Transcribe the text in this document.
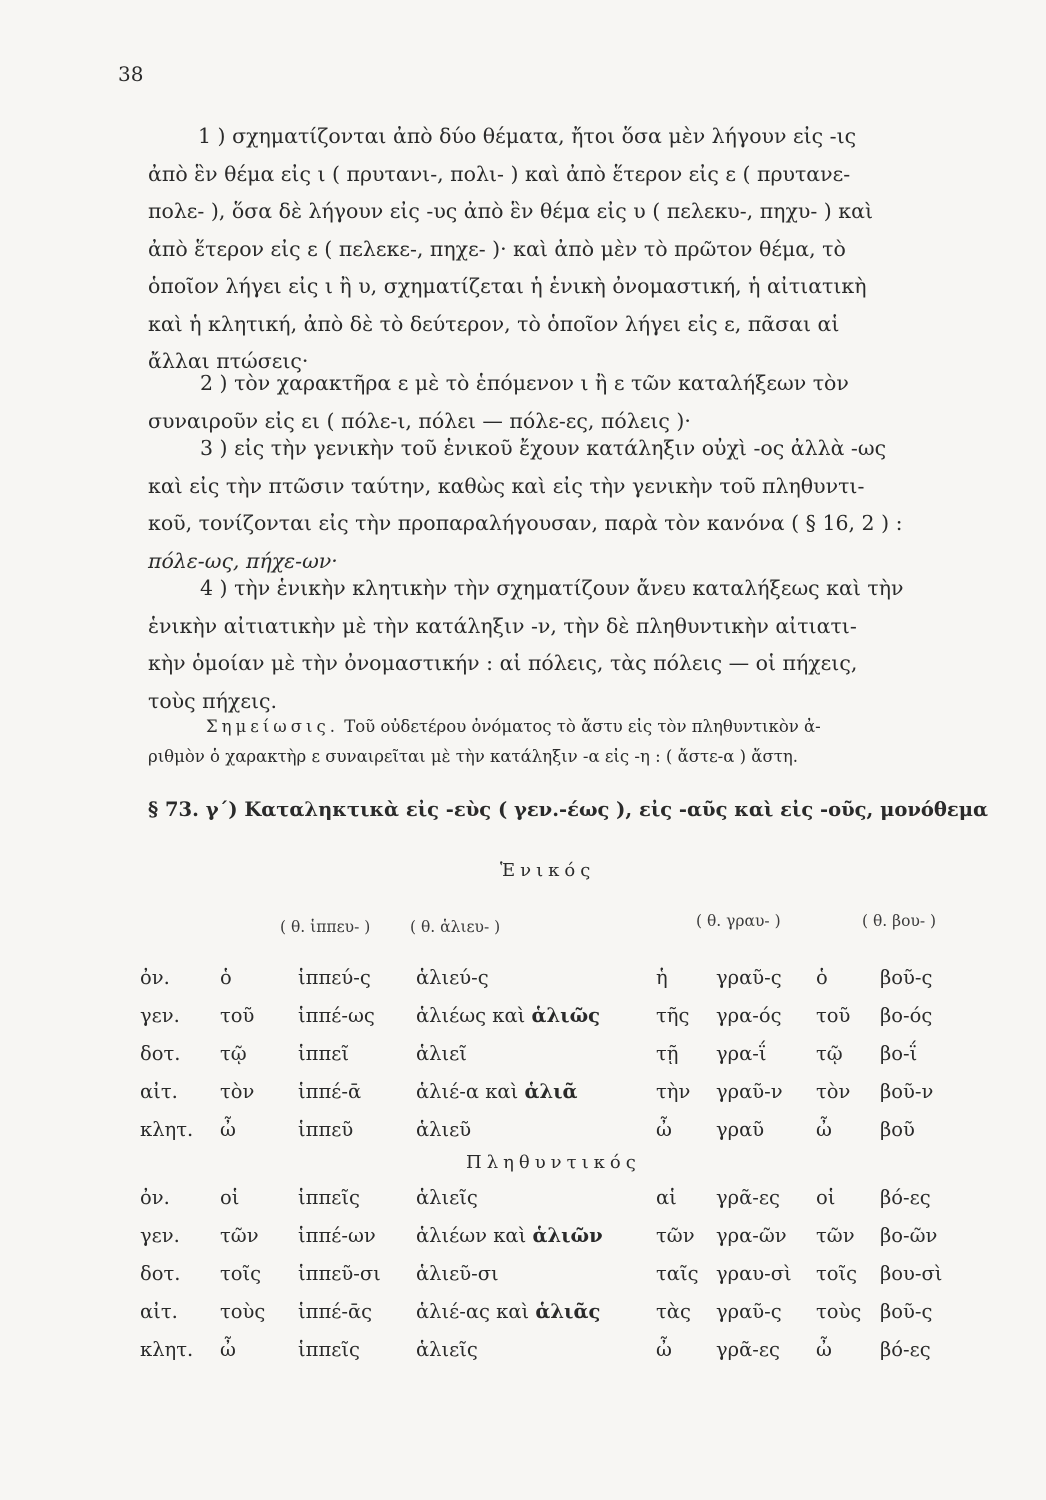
38
1 ) σχηματίζονται ἀπὸ δύο θέματα, ἤτοι ὅσα μὲν λήγουν εἰς -ις
ἀπὸ ἓν θέμα εἰς ι ( πρυτανι-, πολι- ) καὶ ἀπὸ ἕτερον εἰς ε ( πρυτανε-
πολε- ), ὅσα δὲ λήγουν εἰς -υς ἀπὸ ἓν θέμα εἰς υ ( πελεκυ-, πηχυ- ) καὶ
ἀπὸ ἕτερον εἰς ε ( πελεκε-, πηχε- )· καὶ ἀπὸ μὲν τὸ πρῶτον θέμα, τὸ
ὁποῖον λήγει εἰς ι ἢ υ, σχηματίζεται ἡ ἑνικὴ ὀνομαστική, ἡ αἰτιατικὴ
καὶ ἡ κλητική, ἀπὸ δὲ τὸ δεύτερον, τὸ ὁποῖον λήγει εἰς ε, πᾶσαι αἱ
ἄλλαι πτώσεις·
2 ) τὸν χαρακτῆρα ε μὲ τὸ ἑπόμενον ι ἢ ε τῶν καταλήξεων τὸν
συναιροῦν εἰς ει ( πόλε-ι, πόλει — πόλε-ες, πόλεις )·
3 ) εἰς τὴν γενικὴν τοῦ ἑνικοῦ ἔχουν κατάληξιν οὐχὶ -ος ἀλλὰ -ως
καὶ εἰς τὴν πτῶσιν ταύτην, καθὼς καὶ εἰς τὴν γενικὴν τοῦ πληθυντι-
κοῦ, τονίζονται εἰς τὴν προπαραλήγουσαν, παρὰ τὸν κανόνα ( § 16, 2 ) :
πόλε-ως, πήχε-ων·
4 ) τὴν ἑνικὴν κλητικὴν τὴν σχηματίζουν ἄνευ καταλήξεως καὶ τὴν
ἑνικὴν αἰτιατικὴν μὲ τὴν κατάληξιν -ν, τὴν δὲ πληθυντικὴν αἰτιατι-
κὴν ὁμοίαν μὲ τὴν ὀνομαστικήν : αἱ πόλεις, τὰς πόλεις — οἱ πήχεις,
τοὺς πήχεις.
Σημείωσις. Τοῦ οὐδετέρου ὀνόματος τὸ ἄστυ εἰς τὸν πληθυντικὸν ἀ-
ριθμὸν ὁ χαρακτὴρ ε συναιρεῖται μὲ τὴν κατάληξιν -α εἰς -η : ( ἄστε-α ) ἄστη.
§ 73. γ΄) Καταληκτικὰ εἰς -εὺς ( γεν.-έως ), εἰς -αῦς καὶ εἰς -οῦς, μονόθεμα
Ἑνικός
( θ. ἱππευ- )	( θ. ἁλιευ- )	( θ. γραυ- )	( θ. βου- )
ὀν.	ὁ	ἱππεύ-ς	ἁλιεύ-ς	ἡ	γραῦ-ς	ὁ	βοῦ-ς
γεν.	τοῦ	ἱππέ-ως	ἁλιέως καὶ ἁλιῶς	τῆς	γρα-ός	τοῦ	βο-ός
δοτ.	τῷ	ἱππεῖ	ἁλιεῖ	τῇ	γρα-ΐ	τῷ	βο-ΐ
αἰτ.	τὸν	ἱππέ-ᾱ	ἁλιέ-α καὶ ἁλιᾶ	τὴν	γραῦ-ν	τὸν	βοῦ-ν
κλητ.	ὦ	ἱππεῦ	ἁλιεῦ	ὦ	γραῦ	ὦ	βοῦ
Πληθυντικός
ὀν.	οἱ	ἱππεῖς	ἁλιεῖς	αἱ	γρᾶ-ες	οἱ	βό-ες
γεν.	τῶν	ἱππέ-ων	ἁλιέων καὶ ἁλιῶν	τῶν	γρα-ῶν	τῶν	βο-ῶν
δοτ.	τοῖς	ἱππεῦ-σι	ἁλιεῦ-σι	ταῖς	γραυ-σὶ	τοῖς	βου-σὶ
αἰτ.	τοὺς	ἱππέ-ᾱς	ἁλιέ-ας καὶ ἁλιᾶς	τὰς	γραῦ-ς	τοὺς	βοῦ-ς
κλητ.	ὦ	ἱππεῖς	ἁλιεῖς	ὦ	γρᾶ-ες	ὦ	βό-ες
